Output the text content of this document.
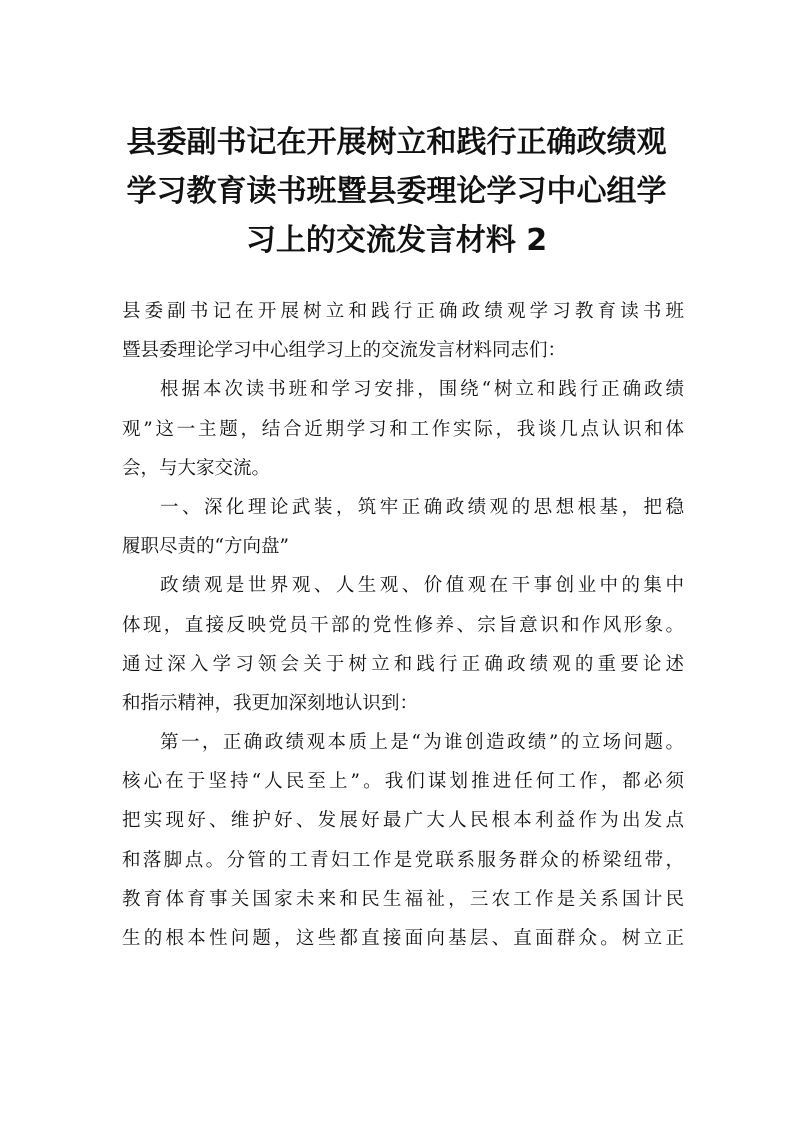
县委副书记在开展树立和践行正确政绩观
学习教育读书班暨县委理论学习中心组学
习上的交流发言材料 2
县委副书记在开展树立和践行正确政绩观学习教育读书班
暨县委理论学习中心组学习上的交流发言材料同志们：
根据本次读书班和学习安排，围绕“树立和践行正确政绩
观”这一主题，结合近期学习和工作实际，我谈几点认识和体
会，与大家交流。
一、深化理论武装，筑牢正确政绩观的思想根基，把稳
履职尽责的“方向盘”
政绩观是世界观、人生观、价值观在干事创业中的集中
体现，直接反映党员干部的党性修养、宗旨意识和作风形象。
通过深入学习领会关于树立和践行正确政绩观的重要论述
和指示精神，我更加深刻地认识到：
第一，正确政绩观本质上是“为谁创造政绩”的立场问题。
核心在于坚持“人民至上”。我们谋划推进任何工作，都必须
把实现好、维护好、发展好最广大人民根本利益作为出发点
和落脚点。分管的工青妇工作是党联系服务群众的桥梁纽带，
教育体育事关国家未来和民生福祉，三农工作是关系国计民
生的根本性问题，这些都直接面向基层、直面群众。树立正
